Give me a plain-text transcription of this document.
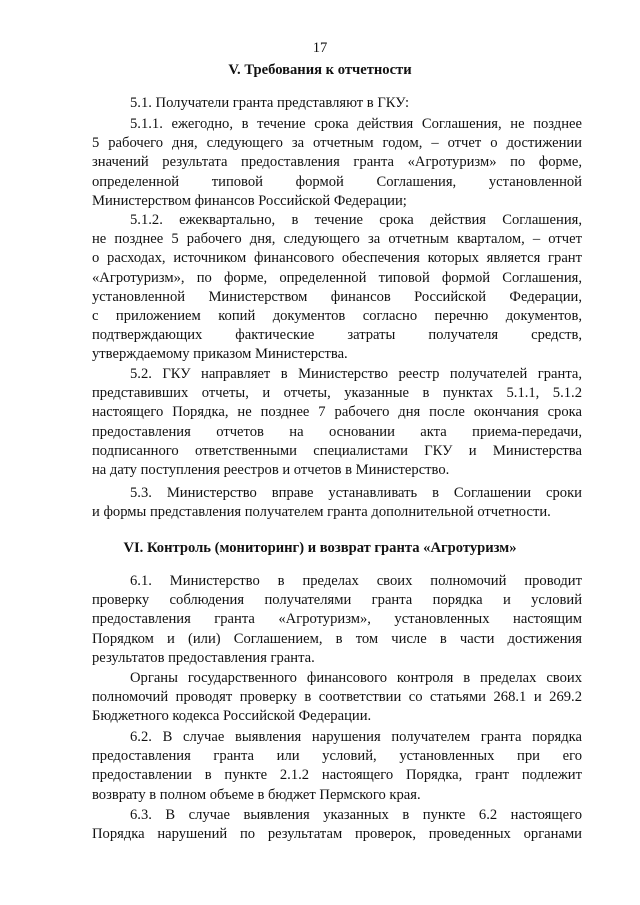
17
V. Требования к отчетности
5.1. Получатели гранта представляют в ГКУ:
5.1.1. ежегодно, в течение срока действия Соглашения, не позднее
5 рабочего дня, следующего за отчетным годом, – отчет о достижении
значений результата предоставления гранта «Агротуризм» по форме,
определенной типовой формой Соглашения, установленной
Министерством финансов Российской Федерации;
5.1.2. ежеквартально, в течение срока действия Соглашения,
не позднее 5 рабочего дня, следующего за отчетным кварталом, – отчет
о расходах, источником финансового обеспечения которых является грант
«Агротуризм», по форме, определенной типовой формой Соглашения,
установленной Министерством финансов Российской Федерации,
с приложением копий документов согласно перечню документов,
подтверждающих фактические затраты получателя средств,
утверждаемому приказом Министерства.
5.2. ГКУ направляет в Министерство реестр получателей гранта,
представивших отчеты, и отчеты, указанные в пунктах 5.1.1, 5.1.2
настоящего Порядка, не позднее 7 рабочего дня после окончания срока
предоставления отчетов на основании акта приема-передачи,
подписанного ответственными специалистами ГКУ и Министерства
на дату поступления реестров и отчетов в Министерство.
5.3. Министерство вправе устанавливать в Соглашении сроки
и формы представления получателем гранта дополнительной отчетности.
VI. Контроль (мониторинг) и возврат гранта «Агротуризм»
6.1. Министерство в пределах своих полномочий проводит
проверку соблюдения получателями гранта порядка и условий
предоставления гранта «Агротуризм», установленных настоящим
Порядком и (или) Соглашением, в том числе в части достижения
результатов предоставления гранта.
Органы государственного финансового контроля в пределах своих
полномочий проводят проверку в соответствии со статьями 268.1 и 269.2
Бюджетного кодекса Российской Федерации.
6.2. В случае выявления нарушения получателем гранта порядка
предоставления гранта или условий, установленных при его
предоставлении в пункте 2.1.2 настоящего Порядка, грант подлежит
возврату в полном объеме в бюджет Пермского края.
6.3. В случае выявления указанных в пункте 6.2 настоящего
Порядка нарушений по результатам проверок, проведенных органами
